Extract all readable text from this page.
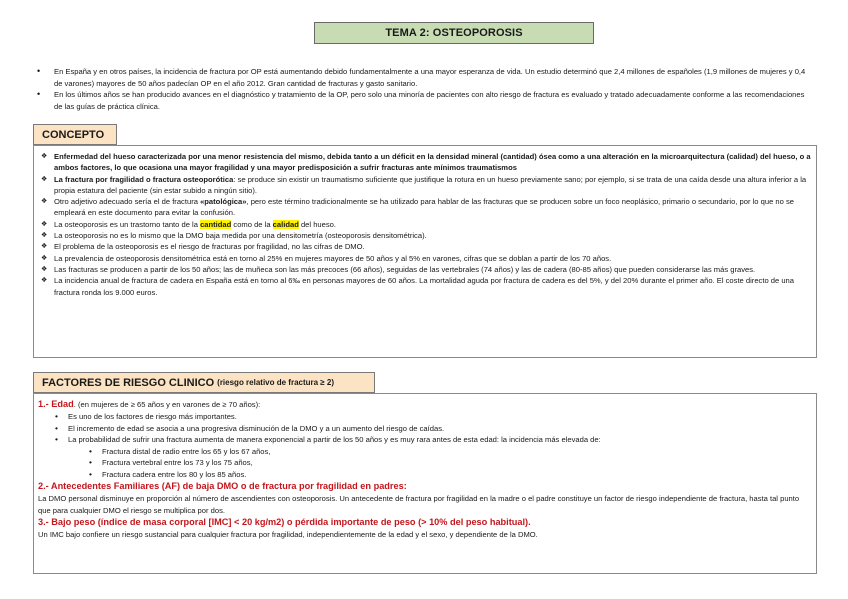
TEMA 2: OSTEOPOROSIS
• En España y en otros países, la incidencia de fractura por OP está aumentando debido fundamentalmente a una mayor esperanza de vida. Un estudio determinó que 2,4 millones de españoles (1,9 millones de mujeres y 0,4 de varones) mayores de 50 años padecían OP en el año 2012. Gran cantidad de fracturas y gasto sanitario.
• En los últimos años se han producido avances en el diagnóstico y tratamiento de la OP, pero solo una minoría de pacientes con alto riesgo de fractura es evaluado y tratado adecuadamente conforme a las recomendaciones de las guías de práctica clínica.
CONCEPTO
❖ Enfermedad del hueso caracterizada por una menor resistencia del mismo, debida tanto a un déficit en la densidad mineral (cantidad) ósea como a una alteración en la microarquitectura (calidad) del hueso, o a ambos factores, lo que ocasiona una mayor fragilidad y una mayor predisposición a sufrir fracturas ante mínimos traumatismos
❖ La fractura por fragilidad o fractura osteoporótica: se produce sin existir un traumatismo suficiente que justifique la rotura en un hueso previamente sano; por ejemplo, si se trata de una caída desde una altura inferior a la propia estatura del paciente (sin estar subido a ningún sitio).
❖ Otro adjetivo adecuado sería el de fractura «patológica», pero este término tradicionalmente se ha utilizado para hablar de las fracturas que se producen sobre un foco neoplásico, primario o secundario, por lo que no se empleará en este documento para evitar la confusión.
❖ La osteoporosis es un trastorno tanto de la cantidad como de la calidad del hueso.
❖ La osteoporosis no es lo mismo que la DMO baja medida por una densitometría (osteoporosis densitométrica).
❖ El problema de la osteoporosis es el riesgo de fracturas por fragilidad, no las cifras de DMO.
❖ La prevalencia de osteoporosis densitométrica está en torno al 25% en mujeres mayores de 50 años y al 5% en varones, cifras que se doblan a partir de los 70 años.
❖ Las fracturas se producen a partir de los 50 años; las de muñeca son las más precoces (66 años), seguidas de las vertebrales (74 años) y las de cadera (80-85 años) que pueden considerarse las más graves.
❖ La incidencia anual de fractura de cadera en España está en torno al 6‰ en personas mayores de 60 años. La mortalidad aguda por fractura de cadera es del 5%, y del 20% durante el primer año. El coste directo de una fractura ronda los 9.000 euros.
FACTORES DE RIESGO CLINICO (riesgo relativo de fractura ≥ 2)
1.- Edad. (en mujeres de ≥ 65 años y en varones de ≥ 70 años):
• Es uno de los factores de riesgo más importantes.
• El incremento de edad se asocia a una progresiva disminución de la DMO y a un aumento del riesgo de caídas.
• La probabilidad de sufrir una fractura aumenta de manera exponencial a partir de los 50 años y es muy rara antes de esta edad: la incidencia más elevada de:
• Fractura distal de radio entre los 65 y los 67 años,
• Fractura vertebral entre los 73 y los 75 años,
• Fractura cadera entre los 80 y los 85 años.
2.- Antecedentes Familiares (AF) de baja DMO o de fractura por fragilidad en padres:

La DMO personal disminuye en proporción al número de ascendientes con osteoporosis. Un antecedente de fractura por fragilidad en la madre o el padre constituye un factor de riesgo independiente de fractura, hasta tal punto que para cualquier DMO el riesgo se multiplica por dos.

3.- Bajo peso (índice de masa corporal [IMC] < 20 kg/m2) o pérdida importante de peso (> 10% del peso habitual).

Un IMC bajo confiere un riesgo sustancial para cualquier fractura por fragilidad, independientemente de la edad y el sexo, y dependiente de la DMO.
